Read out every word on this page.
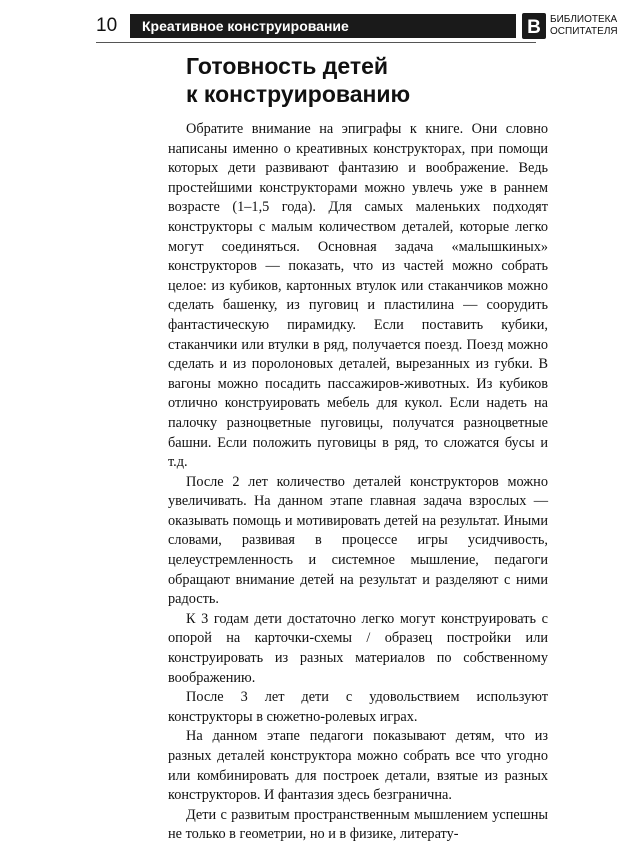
10	Креативное конструирование	В БИБЛИОТЕКА
ОСПИТАТЕЛЯ
Готовность детей
к конструированию

Обратите внимание на эпиграфы к книге. Они словно написаны именно о креативных конструкторах, при помощи которых дети развивают фантазию и воображение. Ведь простейшими конструкторами можно увлечь уже в раннем возрасте (1–1,5 года). Для самых маленьких подходят конструкторы с малым количеством деталей, которые легко могут соединяться. Основная задача «малышкиных» конструкторов — показать, что из частей можно собрать целое: из кубиков, картонных втулок или стаканчиков можно сделать башенку, из пуговиц и пластилина — соорудить фантастическую пирамидку. Если поставить кубики, стаканчики или втулки в ряд, получается поезд. Поезд можно сделать и из поролоновых деталей, вырезанных из губки. В вагоны можно посадить пассажиров-животных. Из кубиков отлично конструировать мебель для кукол. Если надеть на палочку разноцветные пуговицы, получатся разноцветные башни. Если положить пуговицы в ряд, то сложатся бусы и т.д.

После 2 лет количество деталей конструкторов можно увеличивать. На данном этапе главная задача взрослых — оказывать помощь и мотивировать детей на результат. Иными словами, развивая в процессе игры усидчивость, целеустремленность и системное мышление, педагоги обращают внимание детей на результат и разделяют с ними радость.

К 3 годам дети достаточно легко могут конструировать с опорой на карточки-схемы / образец постройки или конструировать из разных материалов по собственному воображению.

После 3 лет дети с удовольствием используют конструкторы в сюжетно-ролевых играх.

На данном этапе педагоги показывают детям, что из разных деталей конструктора можно собрать все что угодно или комбинировать для построек детали, взятые из разных конструкторов. И фантазия здесь безгранична.

Дети с развитым пространственным мышлением успешны не только в геометрии, но и в физике, литерату-
